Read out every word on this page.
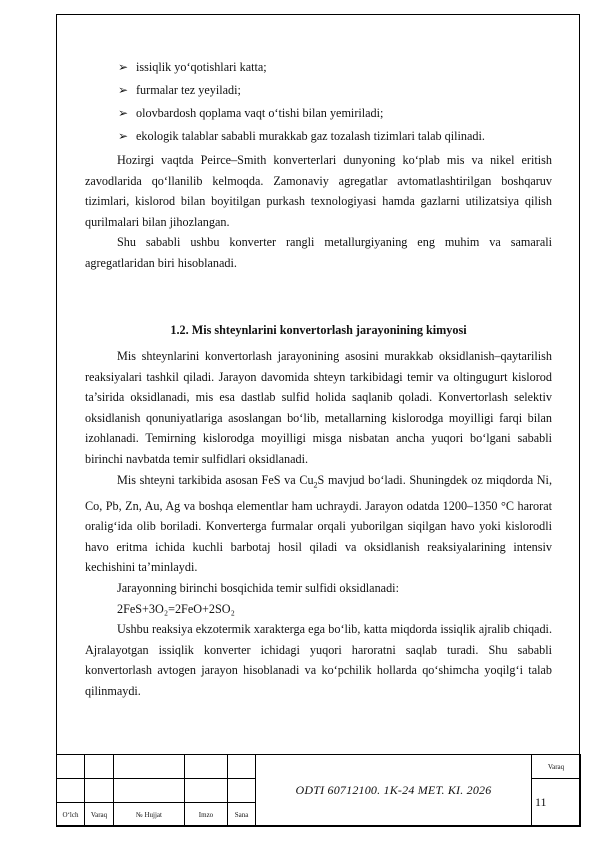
➢ issiqlik yo‘qotishlari katta;
➢ furmalar tez yeyiladi;
➢ olovbardosh qoplama vaqt o‘tishi bilan yemiriladi;
➢ ekologik talablar sababli murakkab gaz tozalash tizimlari talab qilinadi.

Hozirgi vaqtda Peirce–Smith konverterlari dunyoning ko‘plab mis va nikel eritish zavodlarida qo‘llanilib kelmoqda. Zamonaviy agregatlar avtomatlashtirilgan boshqaruv tizimlari, kislorod bilan boyitilgan purkash texnologiyasi hamda gazlarni utilizatsiya qilish qurilmalari bilan jihozlangan.

Shu sababli ushbu konverter rangli metallurgiyaning eng muhim va samarali agregatlaridan biri hisoblanadi.

1.2. Mis shteynlarini konvertorlash jarayonining kimyosi

Mis shteynlarini konvertorlash jarayonining asosini murakkab oksidlanish–qaytarilish reaksiyalari tashkil qiladi. Jarayon davomida shteyn tarkibidagi temir va oltingugurt kislorod ta’sirida oksidlanadi, mis esa dastlab sulfid holida saqlanib qoladi. Konvertorlash selektiv oksidlanish qonuniyatlariga asoslangan bo‘lib, metallarning kislorodga moyilligi farqi bilan izohlanadi. Temirning kislorodga moyilligi misga nisbatan ancha yuqori bo‘lgani sababli birinchi navbatda temir sulfidlari oksidlanadi.

Mis shteyni tarkibida asosan FeS va $Cu_2S$ mavjud bo‘ladi. Shuningdek oz miqdorda Ni, Co, Pb, Zn, Au, Ag va boshqa elementlar ham uchraydi. Jarayon odatda 1200–1350 °C harorat oralig‘ida olib boriladi. Konverterga furmalar orqali yuborilgan siqilgan havo yoki kislorodli havo eritma ichida kuchli barbotaj hosil qiladi va oksidlanish reaksiyalarining intensiv kechishini ta’minlaydi.

Jarayonning birinchi bosqichida temir sulfidi oksidlanadi:

2FeS+3O₂=2FeO+2SO₂

Ushbu reaksiya ekzotermik xarakterga ega bo‘lib, katta miqdorda issiqlik ajralib chiqadi. Ajralayotgan issiqlik konverter ichidagi yuqori haroratni saqlab turadi. Shu sababli konvertorlash avtogen jarayon hisoblanadi va ko‘pchilik hollarda qo‘shimcha yoqilg‘i talab qilinmaydi.

					ODTI 60712100. 1K-24 MET. KI. 2026	Varaq
						11
O‘lch	Varaq	№ Hujjat	Imzo	Sana		
